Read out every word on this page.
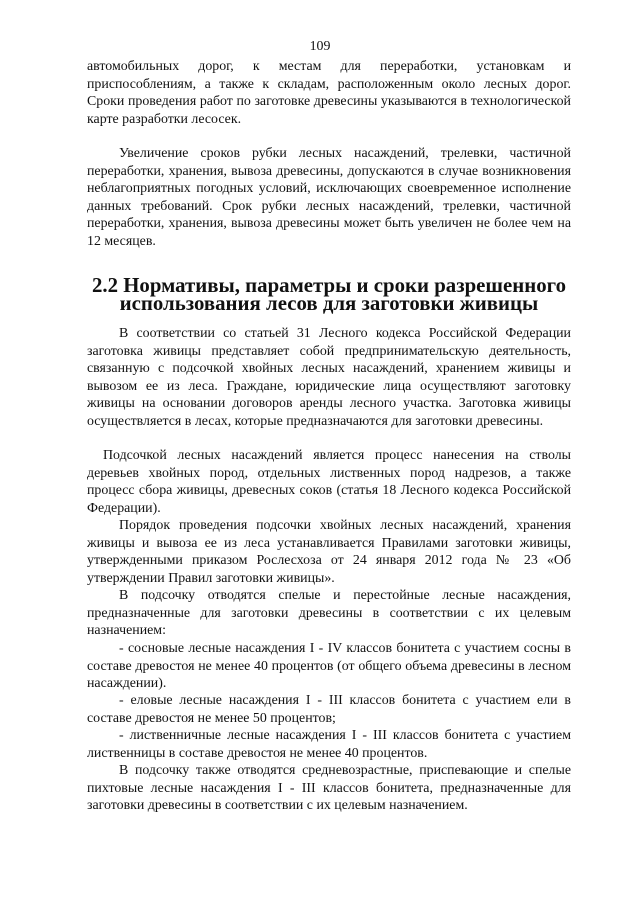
109

автомобильных дорог, к местам для переработки, установкам и приспособлениям, а также к складам, расположенным около лесных дорог. Сроки проведения работ по заготовке древесины указываются в технологической карте разработки лесосек.

Увеличение сроков рубки лесных насаждений, трелевки, частичной переработки, хранения, вывоза древесины, допускаются в случае возникновения неблагоприятных погодных условий, исключающих своевременное исполнение данных требований. Срок рубки лесных насаждений, трелевки, частичной переработки, хранения, вывоза древесины может быть увеличен не более чем на 12 месяцев.

2.2 Нормативы, параметры и сроки разрешенного использования лесов для заготовки живицы

В соответствии со статьей 31 Лесного кодекса Российской Федерации заготовка живицы представляет собой предпринимательскую деятельность, связанную с подсочкой хвойных лесных насаждений, хранением живицы и вывозом ее из леса. Граждане, юридические лица осуществляют заготовку живицы на основании договоров аренды лесного участка. Заготовка живицы осуществляется в лесах, которые предназначаются для заготовки древесины.

Подсочкой лесных насаждений является процесс нанесения на стволы деревьев хвойных пород, отдельных лиственных пород надрезов, а также процесс сбора живицы, древесных соков (статья 18 Лесного кодекса Российской Федерации).

Порядок проведения подсочки хвойных лесных насаждений, хранения живицы и вывоза ее из леса устанавливается Правилами заготовки живицы, утвержденными приказом Рослесхоза от 24 января 2012 года № 23 «Об утверждении Правил заготовки живицы».

В подсочку отводятся спелые и перестойные лесные насаждения, предназначенные для заготовки древесины в соответствии с их целевым назначением:

- сосновые лесные насаждения I - IV классов бонитета с участием сосны в составе древостоя не менее 40 процентов (от общего объема древесины в лесном насаждении).

- еловые лесные насаждения I - III классов бонитета с участием ели в составе древостоя не менее 50 процентов;

- лиственничные лесные насаждения I - III классов бонитета с участием лиственницы в составе древостоя не менее 40 процентов.

В подсочку также отводятся средневозрастные, приспевающие и спелые пихтовые лесные насаждения I - III классов бонитета, предназначенные для заготовки древесины в соответствии с их целевым назначением.
